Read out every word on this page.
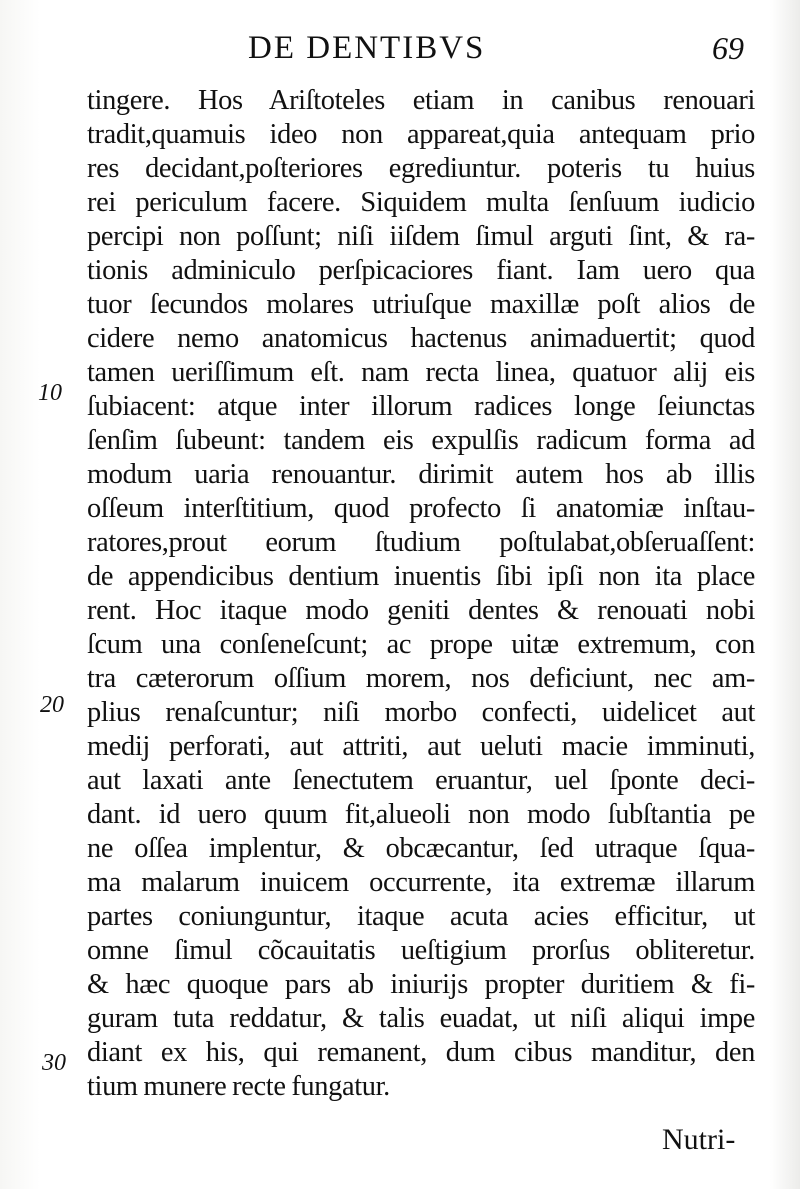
DE DENTIBVS	69
tingere. Hos Ariſtoteles etiam in canibus renouari
tradit,quamuis ideo non appareat,quia antequam prio
res decidant,poſteriores egrediuntur. poteris tu huius
rei periculum facere. Siquidem multa ſenſuum iudicio
percipi non poſſunt; niſi iiſdem ſimul arguti ſint, & ra-
tionis adminiculo perſpicaciores fiant. Iam uero qua
tuor ſecundos molares utriuſque maxillæ poſt alios de
cidere nemo anatomicus hactenus animaduertit; quod
tamen ueriſſimum eſt. nam recta linea, quatuor alij eis
ſubiacent: atque inter illorum radices longe ſeiunctas
ſenſim ſubeunt: tandem eis expulſis radicum forma ad
modum uaria renouantur. dirimit autem hos ab illis
oſſeum interſtitium, quod profecto ſi anatomiæ inſtau-
ratores,prout eorum ſtudium poſtulabat,obſeruaſſent:
de appendicibus dentium inuentis ſibi ipſi non ita place
rent. Hoc itaque modo geniti dentes & renouati nobi
ſcum una conſeneſcunt; ac prope uitæ extremum, con
tra cæterorum oſſium morem, nos deficiunt, nec am-
plius renaſcuntur; niſi morbo confecti, uidelicet aut
medij perforati, aut attriti, aut ueluti macie imminuti,
aut laxati ante ſenectutem eruantur, uel ſponte deci-
dant. id uero quum fit,alueoli non modo ſubſtantia pe
ne oſſea implentur, & obcæcantur, ſed utraque ſqua-
ma malarum inuicem occurrente, ita extremæ illarum
partes coniunguntur, itaque acuta acies efficitur, ut
omne ſimul cõcauitatis ueſtigium prorſus obliteretur.
& hæc quoque pars ab iniurijs propter duritiem & fi-
guram tuta reddatur, & talis euadat, ut niſi aliqui impe
diant ex his, qui remanent, dum cibus manditur, den
tium munere recte fungatur.
10
20
30
Nutri-
